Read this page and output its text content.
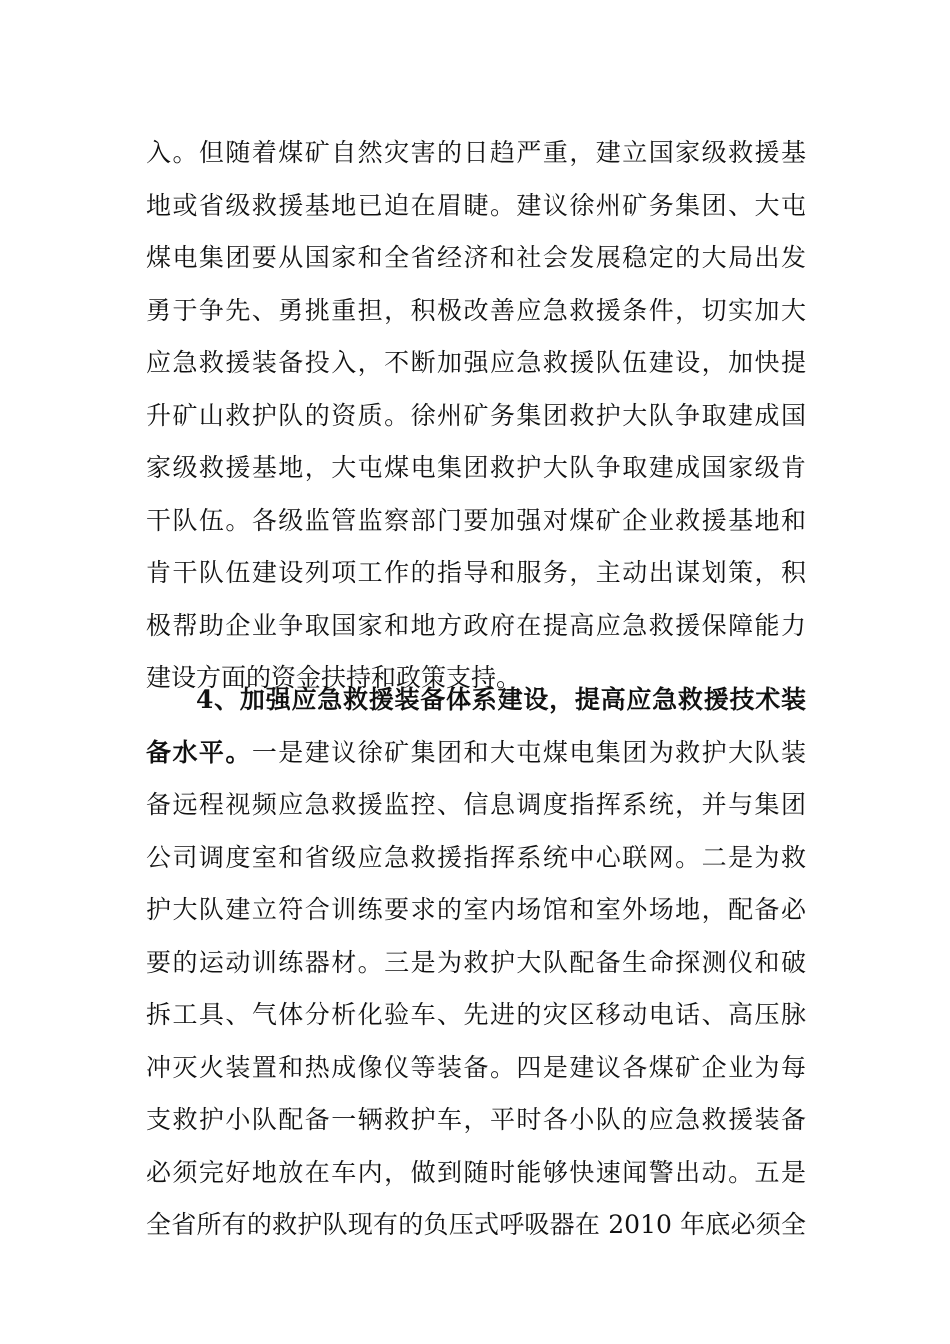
入。但随着煤矿自然灾害的日趋严重，建立国家级救援基
地或省级救援基地已迫在眉睫。建议徐州矿务集团、大屯
煤电集团要从国家和全省经济和社会发展稳定的大局出发
勇于争先、勇挑重担，积极改善应急救援条件，切实加大
应急救援装备投入，不断加强应急救援队伍建设，加快提
升矿山救护队的资质。徐州矿务集团救护大队争取建成国
家级救援基地，大屯煤电集团救护大队争取建成国家级肯
干队伍。各级监管监察部门要加强对煤矿企业救援基地和
肯干队伍建设列项工作的指导和服务，主动出谋划策，积
极帮助企业争取国家和地方政府在提高应急救援保障能力
建设方面的资金扶持和政策支持。
4、加强应急救援装备体系建设，提高应急救援技术装
备水平。一是建议徐矿集团和大屯煤电集团为救护大队装
备远程视频应急救援监控、信息调度指挥系统，并与集团
公司调度室和省级应急救援指挥系统中心联网。二是为救
护大队建立符合训练要求的室内场馆和室外场地，配备必
要的运动训练器材。三是为救护大队配备生命探测仪和破
拆工具、气体分析化验车、先进的灾区移动电话、高压脉
冲灭火装置和热成像仪等装备。四是建议各煤矿企业为每
支救护小队配备一辆救护车，平时各小队的应急救援装备
必须完好地放在车内，做到随时能够快速闻警出动。五是
全省所有的救护队现有的负压式呼吸器在 2010 年底必须全
